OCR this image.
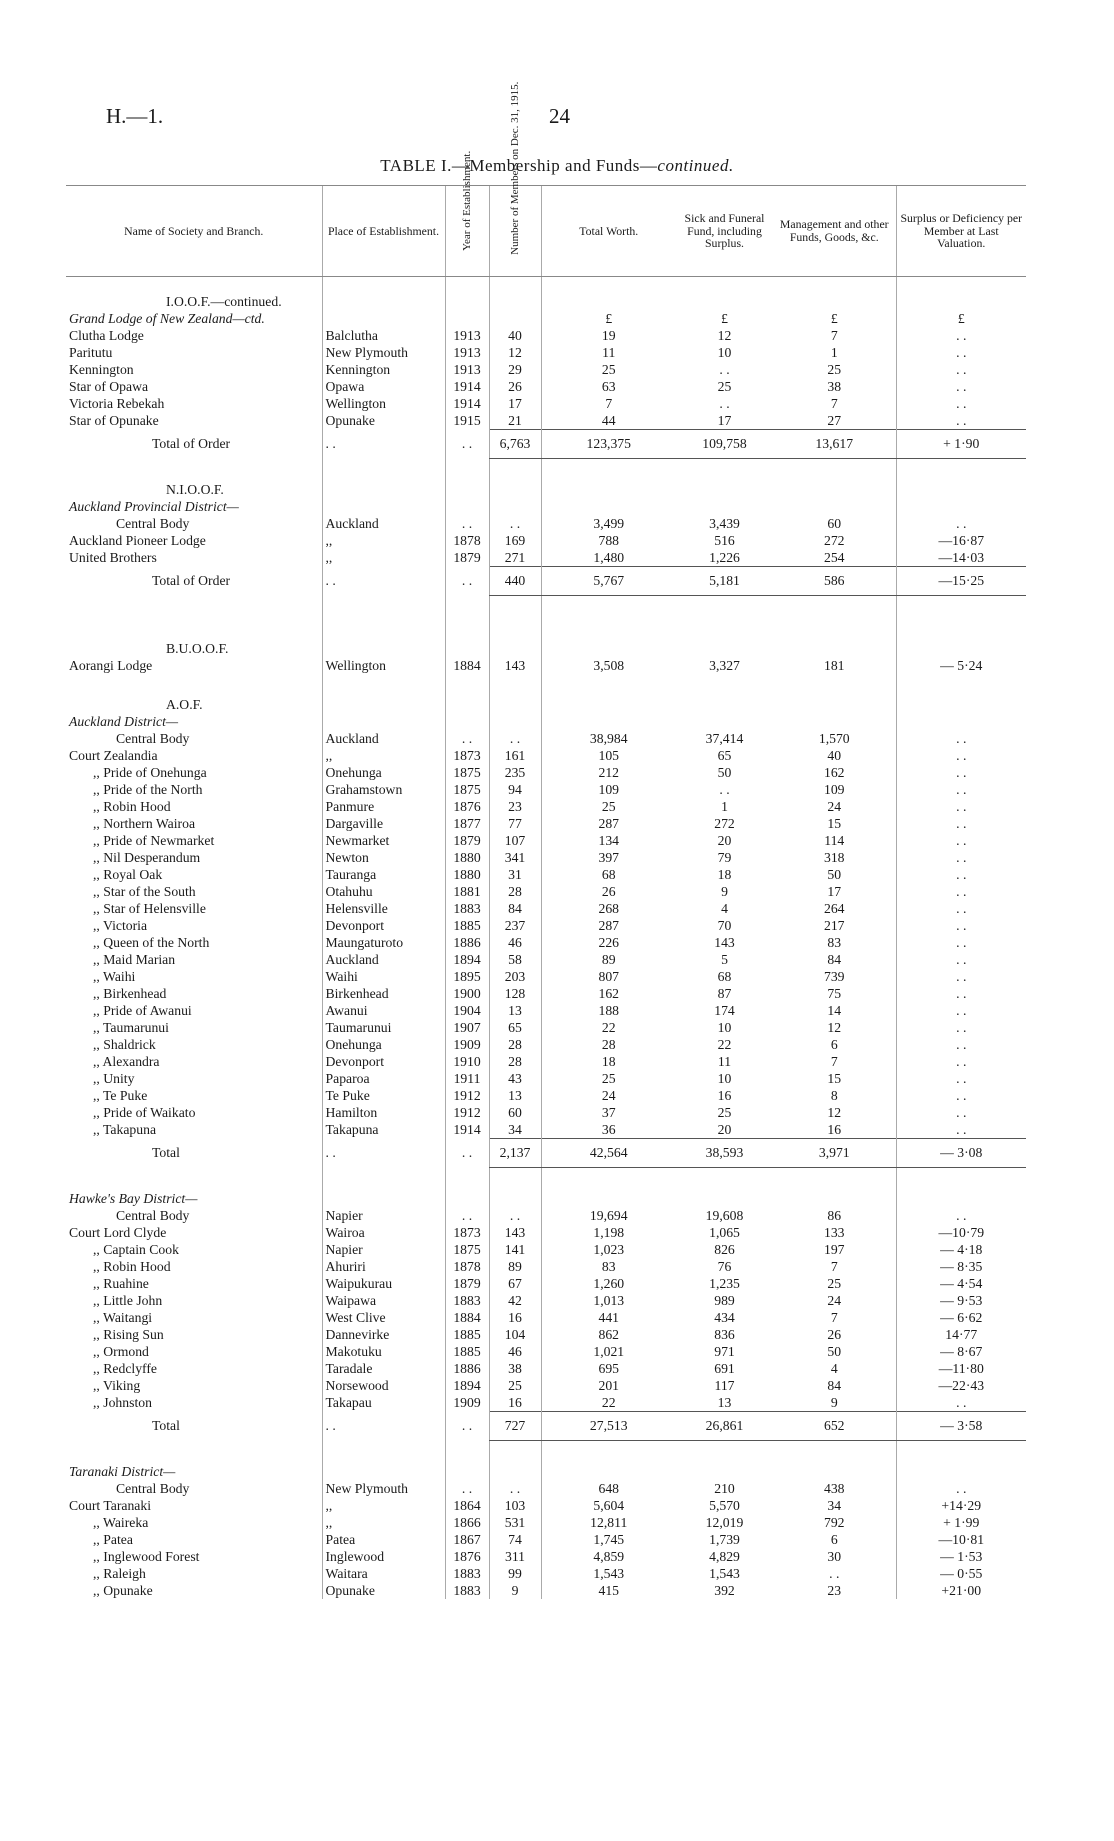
H.—1.	24
TABLE I.—Membership and Funds—continued.
Name of Society and Branch.	Place of Establishment.	Year of Establishment.	Number of Members on Dec. 31, 1915.	Total Worth.	Sick and Funeral Fund, including Surplus.	Management and other Funds, Goods, &c.	Surplus or Deficiency per Member at Last Valuation.

I.O.O.F.—continued.							
Grand Lodge of New Zealand—ctd.				£	£	£	£
Clutha Lodge	Balclutha	1913	40	19	12	7	. .
Paritutu	New Plymouth	1913	12	11	10	1	. .
Kennington	Kennington	1913	29	25	. .	25	. .
Star of Opawa	Opawa	1914	26	63	25	38	. .
Victoria Rebekah	Wellington	1914	17	7	. .	7	. .
Star of Opunake	Opunake	1915	21	44	17	27	. .
Total of Order	. .	. .	6,763	123,375	109,758	13,617	+ 1·90

N.I.O.O.F.							
Auckland Provincial District—							
Central Body	Auckland	. .	. .	3,499	3,439	60	. .
Auckland Pioneer Lodge	,,	1878	169	788	516	272	—16·87
United Brothers	,,	1879	271	1,480	1,226	254	—14·03
Total of Order	. .	. .	440	5,767	5,181	586	—15·25

B.U.O.O.F.							
Aorangi Lodge	Wellington	1884	143	3,508	3,327	181	— 5·24

A.O.F.							
Auckland District—							
Central Body	Auckland	. .	. .	38,984	37,414	1,570	. .
Court Zealandia	,,	1873	161	105	65	40	. .
,, Pride of Onehunga	Onehunga	1875	235	212	50	162	. .
,, Pride of the North	Grahamstown	1875	94	109	. .	109	. .
,, Robin Hood	Panmure	1876	23	25	1	24	. .
,, Northern Wairoa	Dargaville	1877	77	287	272	15	. .
,, Pride of Newmarket	Newmarket	1879	107	134	20	114	. .
,, Nil Desperandum	Newton	1880	341	397	79	318	. .
,, Royal Oak	Tauranga	1880	31	68	18	50	. .
,, Star of the South	Otahuhu	1881	28	26	9	17	. .
,, Star of Helensville	Helensville	1883	84	268	4	264	. .
,, Victoria	Devonport	1885	237	287	70	217	. .
,, Queen of the North	Maungaturoto	1886	46	226	143	83	. .
,, Maid Marian	Auckland	1894	58	89	5	84	. .
,, Waihi	Waihi	1895	203	807	68	739	. .
,, Birkenhead	Birkenhead	1900	128	162	87	75	. .
,, Pride of Awanui	Awanui	1904	13	188	174	14	. .
,, Taumarunui	Taumarunui	1907	65	22	10	12	. .
,, Shaldrick	Onehunga	1909	28	28	22	6	. .
,, Alexandra	Devonport	1910	28	18	11	7	. .
,, Unity	Paparoa	1911	43	25	10	15	. .
,, Te Puke	Te Puke	1912	13	24	16	8	. .
,, Pride of Waikato	Hamilton	1912	60	37	25	12	. .
,, Takapuna	Takapuna	1914	34	36	20	16	. .
Total	. .	. .	2,137	42,564	38,593	3,971	— 3·08

Hawke's Bay District—							
Central Body	Napier	. .	. .	19,694	19,608	86	. .
Court Lord Clyde	Wairoa	1873	143	1,198	1,065	133	—10·79
,, Captain Cook	Napier	1875	141	1,023	826	197	— 4·18
,, Robin Hood	Ahuriri	1878	89	83	76	7	— 8·35
,, Ruahine	Waipukurau	1879	67	1,260	1,235	25	— 4·54
,, Little John	Waipawa	1883	42	1,013	989	24	— 9·53
,, Waitangi	West Clive	1884	16	441	434	7	— 6·62
,, Rising Sun	Dannevirke	1885	104	862	836	26	14·77
,, Ormond	Makotuku	1885	46	1,021	971	50	— 8·67
,, Redclyffe	Taradale	1886	38	695	691	4	—11·80
,, Viking	Norsewood	1894	25	201	117	84	—22·43
,, Johnston	Takapau	1909	16	22	13	9	. .
Total	. .	. .	727	27,513	26,861	652	— 3·58

Taranaki District—							
Central Body	New Plymouth	. .	. .	648	210	438	. .
Court Taranaki	,,	1864	103	5,604	5,570	34	+14·29
,, Waireka	,,	1866	531	12,811	12,019	792	+ 1·99
,, Patea	Patea	1867	74	1,745	1,739	6	—10·81
,, Inglewood Forest	Inglewood	1876	311	4,859	4,829	30	— 1·53
,, Raleigh	Waitara	1883	99	1,543	1,543	. .	— 0·55
,, Opunake	Opunake	1883	9	415	392	23	+21·00
